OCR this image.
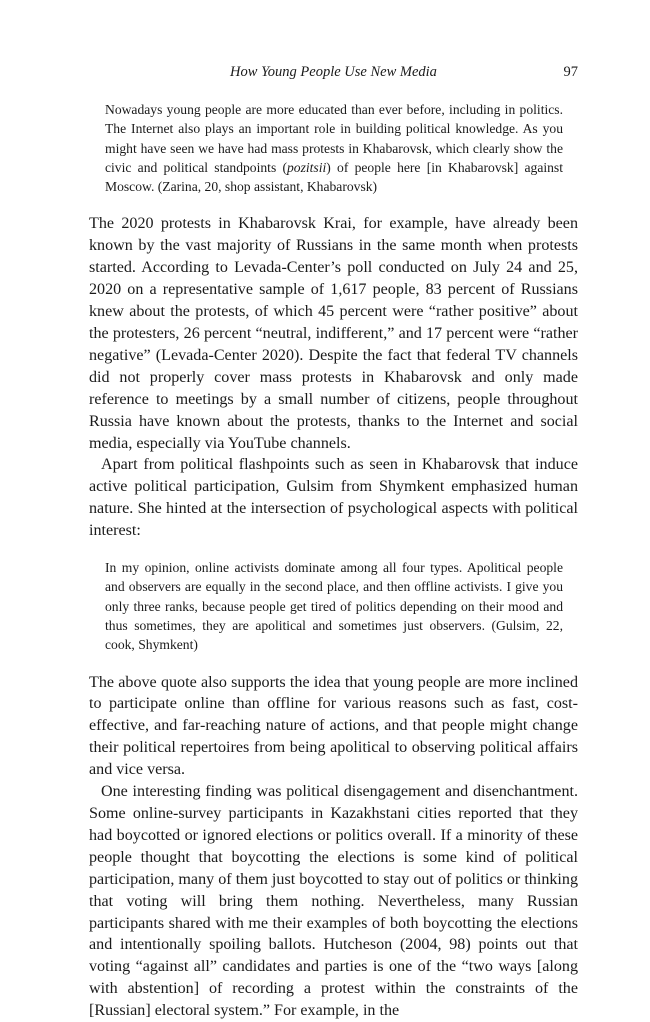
How Young People Use New Media	97
Nowadays young people are more educated than ever before, including in politics. The Internet also plays an important role in building political knowledge. As you might have seen we have had mass protests in Khabarovsk, which clearly show the civic and political standpoints (pozitsii) of people here [in Khabarovsk] against Moscow. (Zarina, 20, shop assistant, Khabarovsk)

The 2020 protests in Khabarovsk Krai, for example, have already been known by the vast majority of Russians in the same month when protests started. According to Levada-Center’s poll conducted on July 24 and 25, 2020 on a representative sample of 1,617 people, 83 percent of Russians knew about the protests, of which 45 percent were “rather positive” about the protesters, 26 percent “neutral, indifferent,” and 17 percent were “rather negative” (Levada-Center 2020). Despite the fact that federal TV channels did not properly cover mass protests in Khabarovsk and only made reference to meetings by a small number of citizens, people throughout Russia have known about the protests, thanks to the Internet and social media, especially via YouTube channels.

Apart from political flashpoints such as seen in Khabarovsk that induce active political participation, Gulsim from Shymkent emphasized human nature. She hinted at the intersection of psychological aspects with political interest:

In my opinion, online activists dominate among all four types. Apolitical people and observers are equally in the second place, and then offline activists. I give you only three ranks, because people get tired of politics depending on their mood and thus sometimes, they are apolitical and sometimes just observers. (Gulsim, 22, cook, Shymkent)

The above quote also supports the idea that young people are more inclined to participate online than offline for various reasons such as fast, cost-effective, and far-reaching nature of actions, and that people might change their political repertoires from being apolitical to observing political affairs and vice versa.

One interesting finding was political disengagement and disenchantment. Some online-survey participants in Kazakhstani cities reported that they had boycotted or ignored elections or politics overall. If a minority of these people thought that boycotting the elections is some kind of political participation, many of them just boycotted to stay out of politics or thinking that voting will bring them nothing. Nevertheless, many Russian participants shared with me their examples of both boycotting the elections and intentionally spoiling ballots. Hutcheson (2004, 98) points out that voting “against all” candidates and parties is one of the “two ways [along with abstention] of recording a protest within the constraints of the [Russian] electoral system.” For example, in the
